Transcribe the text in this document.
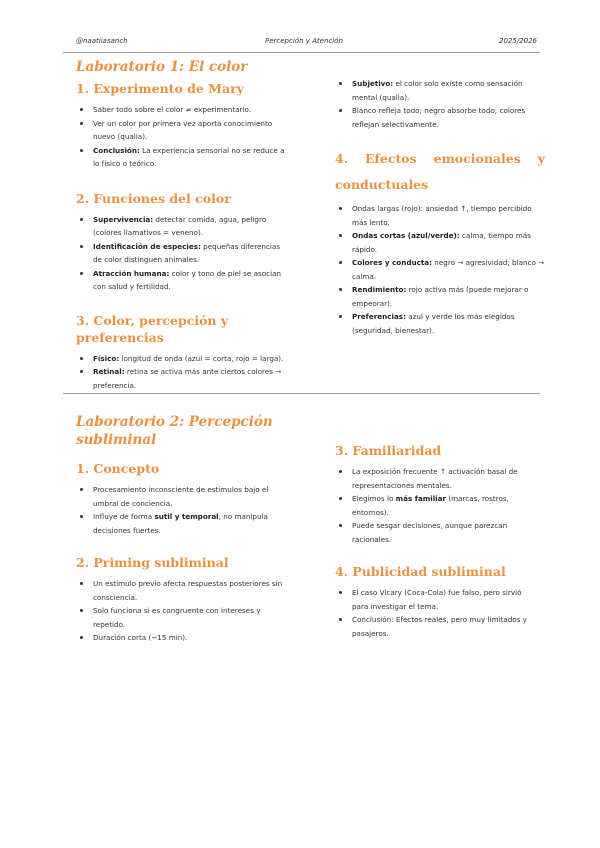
@naatiiasanch	Percepción y Atención	2025/2026
Laboratorio 1: El color
1. Experimento de Mary
Saber todo sobre el color ≠ experimentarlo.
Ver un color por primera vez aporta conocimiento nuevo (qualia).
Conclusión: La experiencia sensorial no se reduce a lo físico o teórico.
2. Funciones del color
Supervivencia: detectar comida, agua, peligro (colores llamativos = veneno).
Identificación de especies: pequeñas diferencias de color distinguen animales.
Atracción humana: color y tono de piel se asocian con salud y fertilidad.
3. Color, percepción y preferencias
Físico: longitud de onda (azul = corta, rojo = larga).
Retinal: retina se activa más ante ciertos colores → preferencia.
Subjetivo: el color solo existe como sensación mental (qualia).
Blanco refleja todo; negro absorbe todo; colores reflejan selectivamente.
4. Efectos emocionales y conductuales
Ondas largas (rojo): ansiedad ↑, tiempo percibido más lento.
Ondas cortas (azul/verde): calma, tiempo más rápido.
Colores y conducta: negro → agresividad; blanco → calma.
Rendimiento: rojo activa más (puede mejorar o empeorar).
Preferencias: azul y verde los más elegidos (seguridad, bienestar).
Laboratorio 2: Percepción subliminal
1. Concepto
Procesamiento inconsciente de estímulos bajo el umbral de conciencia.
Influye de forma sutil y temporal, no manipula decisiones fuertes.
2. Priming subliminal
Un estímulo previo afecta respuestas posteriores sin consciencia.
Solo funciona si es congruente con intereses y repetido.
Duración corta (~15 min).
3. Familiaridad
La exposición frecuente ↑ activación basal de representaciones mentales.
Elegimos lo más familiar (marcas, rostros, entornos).
Puede sesgar decisiones, aunque parezcan racionales.
4. Publicidad subliminal
El caso Vicary (Coca-Cola) fue falso, pero sirvió para investigar el tema.
Conclusión: Efectos reales, pero muy limitados y pasajeros.
